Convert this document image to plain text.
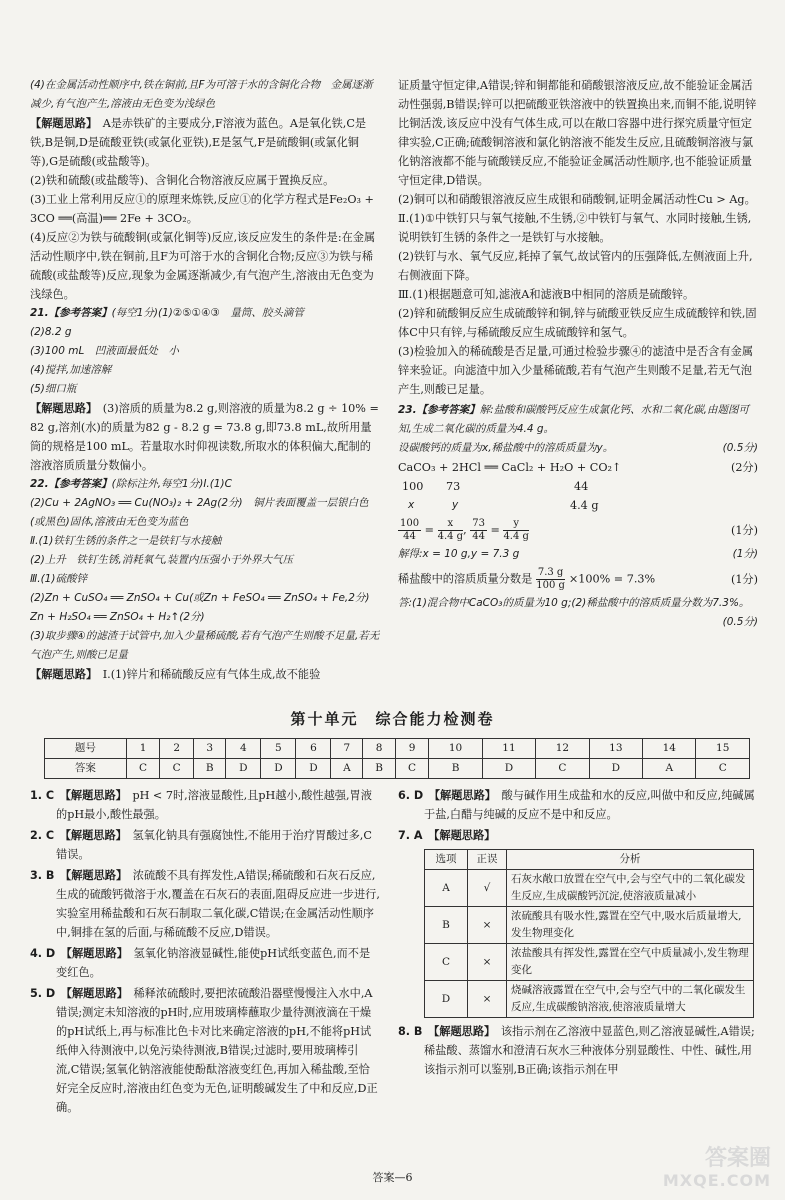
(4)在金属活动性顺序中,铁在铜前,且F为可溶于水的含铜化合物　金属逐渐减少,有气泡产生,溶液由无色变为浅绿色

【解题思路】　A是赤铁矿的主要成分,F溶液为蓝色。A是氧化铁,C是铁,B是铜,D是硫酸亚铁(或氯化亚铁),E是氢气,F是硫酸铜(或氯化铜等),G是硫酸(或盐酸等)。

(2)铁和硫酸(或盐酸等)、含铜化合物溶液反应属于置换反应。

(3)工业上常利用反应①的原理来炼铁,反应①的化学方程式是Fe₂O₃ + 3CO ══(高温)══ 2Fe + 3CO₂。

(4)反应②为铁与硫酸铜(或氯化铜等)反应,该反应发生的条件是:在金属活动性顺序中,铁在铜前,且F为可溶于水的含铜化合物;反应③为铁与稀硫酸(或盐酸等)反应,现象为金属逐渐减少,有气泡产生,溶液由无色变为浅绿色。

21.【参考答案】(每空1分)(1)②⑤①④③　量筒、胶头滴管

(2)8.2 g

(3)100 mL　凹液面最低处　小

(4)搅拌,加速溶解

(5)细口瓶

【解题思路】　(3)溶质的质量为8.2 g,则溶液的质量为8.2 g ÷ 10% = 82 g,溶剂(水)的质量为82 g - 8.2 g = 73.8 g,即73.8 mL,故所用量筒的规格是100 mL。若量取水时仰视读数,所取水的体积偏大,配制的溶液溶质质量分数偏小。

22.【参考答案】(除标注外,每空1分)Ⅰ.(1)C

(2)Cu + 2AgNO₃ ══ Cu(NO₃)₂ + 2Ag(2分)　铜片表面覆盖一层银白色(或黑色)固体,溶液由无色变为蓝色

Ⅱ.(1)铁钉生锈的条件之一是铁钉与水接触

(2)上升　铁钉生锈,消耗氧气,装置内压强小于外界大气压

Ⅲ.(1)硫酸锌

(2)Zn + CuSO₄ ══ ZnSO₄ + Cu(或Zn + FeSO₄ ══ ZnSO₄ + Fe,2分)　Zn + H₂SO₄ ══ ZnSO₄ + H₂↑(2分)

(3)取步骤④的滤渣于试管中,加入少量稀硫酸,若有气泡产生则酸不足量,若无气泡产生,则酸已足量

【解题思路】　Ⅰ.(1)锌片和稀硫酸反应有气体生成,故不能验

证质量守恒定律,A错误;锌和铜都能和硝酸银溶液反应,故不能验证金属活动性强弱,B错误;锌可以把硫酸亚铁溶液中的铁置换出来,而铜不能,说明锌比铜活泼,该反应中没有气体生成,可以在敞口容器中进行探究质量守恒定律实验,C正确;硫酸铜溶液和氯化钠溶液不能发生反应,且硫酸铜溶液与氯化钠溶液都不能与硫酸镁反应,不能验证金属活动性顺序,也不能验证质量守恒定律,D错误。

(2)铜可以和硝酸银溶液反应生成银和硝酸铜,证明金属活动性Cu > Ag。

Ⅱ.(1)①中铁钉只与氧气接触,不生锈,②中铁钉与氧气、水同时接触,生锈,说明铁钉生锈的条件之一是铁钉与水接触。

(2)铁钉与水、氧气反应,耗掉了氧气,故试管内的压强降低,左侧液面上升,右侧液面下降。

Ⅲ.(1)根据题意可知,滤液A和滤液B中相同的溶质是硫酸锌。

(2)锌和硫酸铜反应生成硫酸锌和铜,锌与硫酸亚铁反应生成硫酸锌和铁,固体C中只有锌,与稀硫酸反应生成硫酸锌和氢气。

(3)检验加入的稀硫酸是否足量,可通过检验步骤④的滤渣中是否含有金属锌来验证。向滤渣中加入少量稀硫酸,若有气泡产生则酸不足量,若无气泡产生,则酸已足量。

23.【参考答案】解:盐酸和碳酸钙反应生成氯化钙、水和二氧化碳,由题图可知,生成二氧化碳的质量为4.4 g。

设碳酸钙的质量为x,稀盐酸中的溶质质量为y。	(0.5分)
CaCO₃ + 2HCl ══ CaCl₂ + H₂O + CO₂↑	(2分)
100 73	44
x	y	4.4 g
$\frac{100}{44} = \frac{x}{4.4 g}$ , $\frac{73}{44} = \frac{y}{4.4 g}$	(1分)
解得:x = 10 g,y = 7.3 g	(1分)
稀盐酸中的溶质质量分数是 $\frac{7.3 g}{100 g} \times 100\% = 7.3\%$	(1分)

答:(1)混合物中CaCO₃的质量为10 g;(2)稀盐酸中的溶质质量分数为7.3%。

(0.5分)
第十单元　综合能力检测卷
题号	1	2	3	4	5	6	7	8	9	10	11	12	13	14	15
答案	C	C	B	D	D	D	A	B	C	B	D	C	D	A	C

1. C　【解题思路】　pH < 7时,溶液显酸性,且pH越小,酸性越强,胃液的pH最小,酸性最强。

2. C　【解题思路】　氢氧化钠具有强腐蚀性,不能用于治疗胃酸过多,C错误。

3. B　【解题思路】　浓硫酸不具有挥发性,A错误;稀硫酸和石灰石反应,生成的硫酸钙微溶于水,覆盖在石灰石的表面,阻碍反应进一步进行,实验室用稀盐酸和石灰石制取二氧化碳,C错误;在金属活动性顺序中,铜排在氢的后面,与稀硫酸不反应,D错误。

4. D　【解题思路】　氢氧化钠溶液显碱性,能使pH试纸变蓝色,而不是变红色。

5. D　【解题思路】　稀释浓硫酸时,要把浓硫酸沿器壁慢慢注入水中,A错误;测定未知溶液的pH时,应用玻璃棒蘸取少量待测液滴在干燥的pH试纸上,再与标准比色卡对比来确定溶液的pH,不能将pH试纸伸入待测液中,以免污染待测液,B错误;过滤时,要用玻璃棒引流,C错误;氢氧化钠溶液能使酚酞溶液变红色,再加入稀盐酸,至恰好完全反应时,溶液由红色变为无色,证明酸碱发生了中和反应,D正确。

6. D　 【解题思路】　 酸与碱作用生成盐和水的反应,叫做中和反应,纯碱属于盐,白醋与纯碱的反应不是中和反应。

7. A　 【解题思路】

选项	正误	分析
A	√	石灰水敞口放置在空气中,会与空气中的二氧化碳发生反应,生成碳酸钙沉淀,使溶液质量减小
B	×	浓硫酸具有吸水性,露置在空气中,吸水后质量增大,发生物理变化
C	×	浓盐酸具有挥发性,露置在空气中质量减小,发生物理变化
D	×	烧碱溶液露置在空气中,会与空气中的二氧化碳发生反应,生成碳酸钠溶液,使溶液质量增大

8. B　 【解题思路】　 该指示剂在乙溶液中显蓝色,则乙溶液显碱性,A错误;稀盐酸、蒸馏水和澄清石灰水三种液体分别显酸性、中性、碱性,用该指示剂可以鉴别,B正确;该指示剂在甲

答案—6
答案圈
MXQE.COM
